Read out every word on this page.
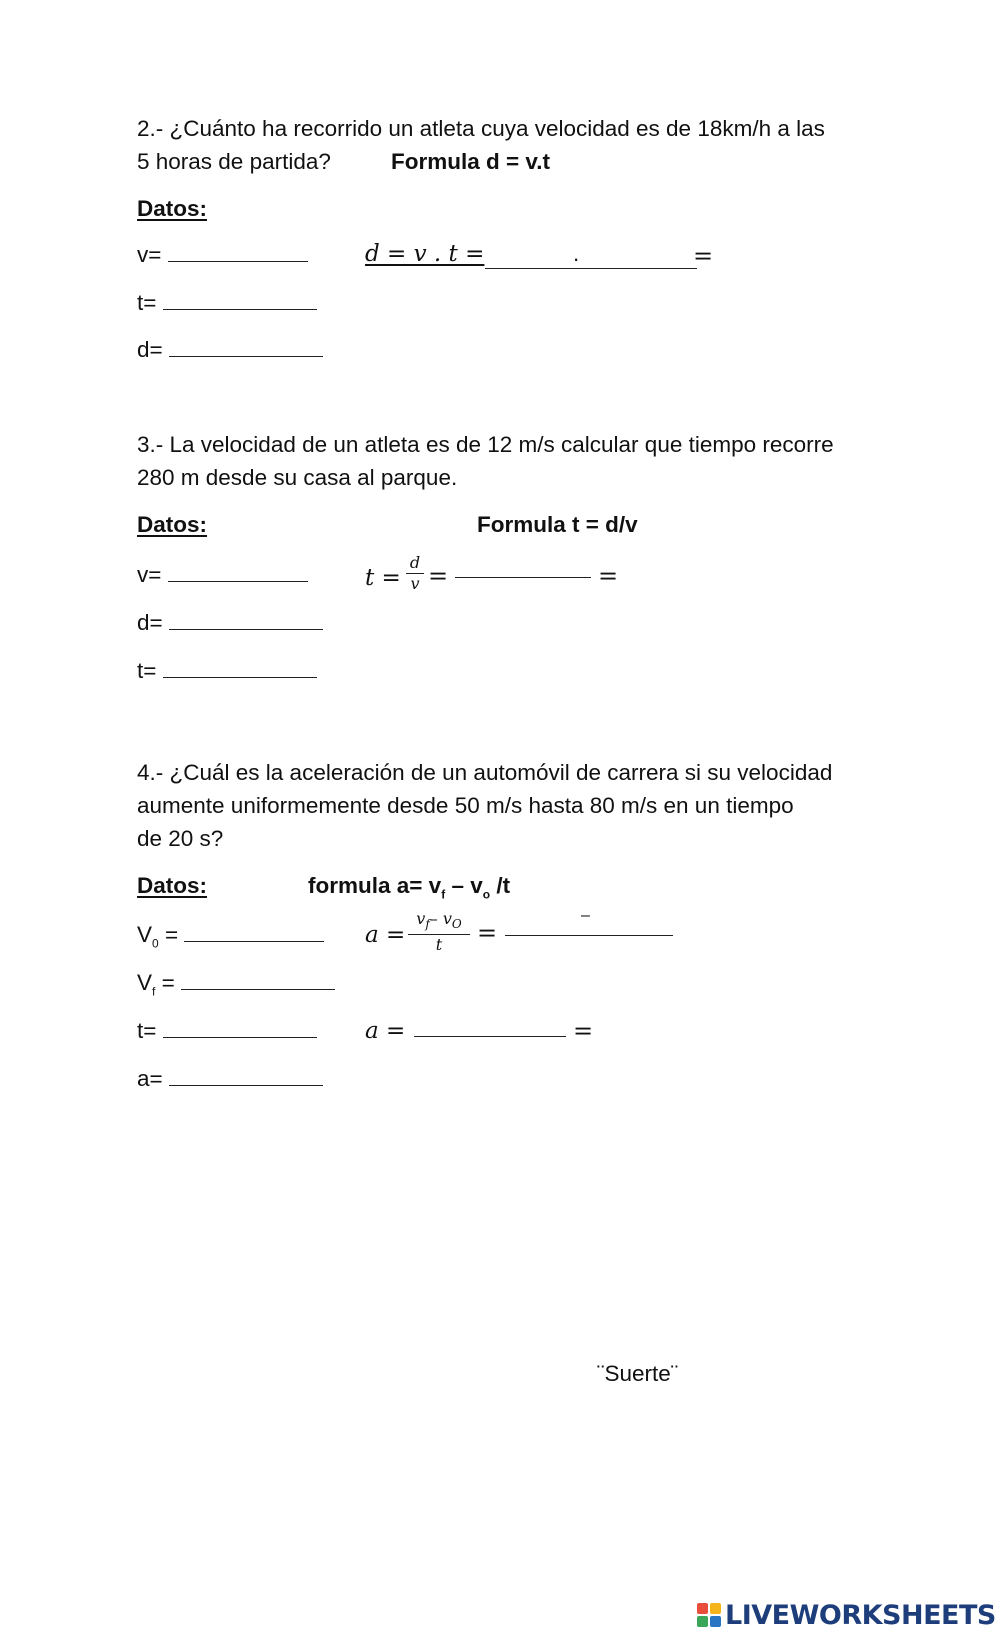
2.- ¿Cuánto ha recorrido un atleta cuya velocidad es de 18km/h a las
5 horas de partida?	Formula d = v.t
Datos:
v=
t=
d=
d = v . t =	.	=
3.- La velocidad de un atleta es de 12 m/s calcular que tiempo recorre
280 m desde su casa al parque.
Datos:	Formula t = d/v
v=
d=
t=
t =
d
v =	=
4.- ¿Cuál es la aceleración de un automóvil de carrera si su velocidad
aumente uniformemente desde 50 m/s hasta 80 m/s en un tiempo
de 20 s?
Datos:	formula $a= v_f - v_o$ /t
$V_0$ =
$V_f$ =
t=
a=
a =
$v_f-$ $v_O$
t	=
–
a =	=
¨Suerte¨
LIVEWORKSHEETS
